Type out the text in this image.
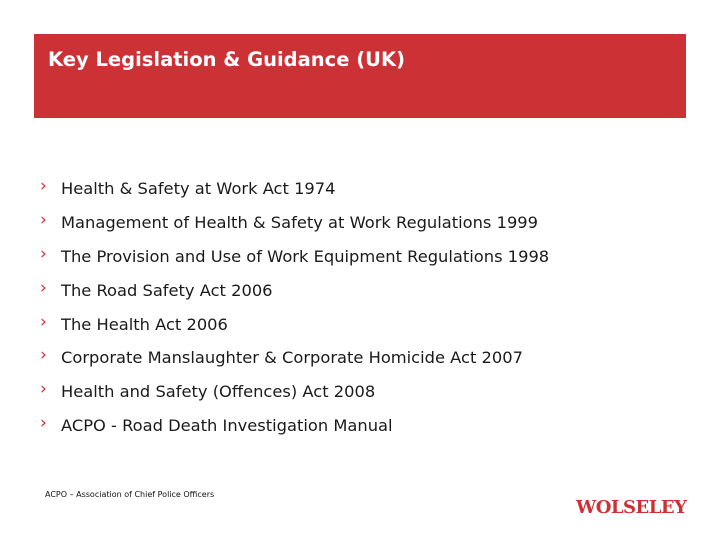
Key Legislation & Guidance (UK)
› Health & Safety at Work Act 1974
› Management of Health & Safety at Work Regulations 1999
› The Provision and Use of Work Equipment Regulations 1998
› The Road Safety Act 2006
› The Health Act 2006
› Corporate Manslaughter & Corporate Homicide Act 2007
› Health and Safety (Offences) Act 2008
› ACPO - Road Death Investigation Manual
ACPO – Association of Chief Police Officers
WOLSELEY
